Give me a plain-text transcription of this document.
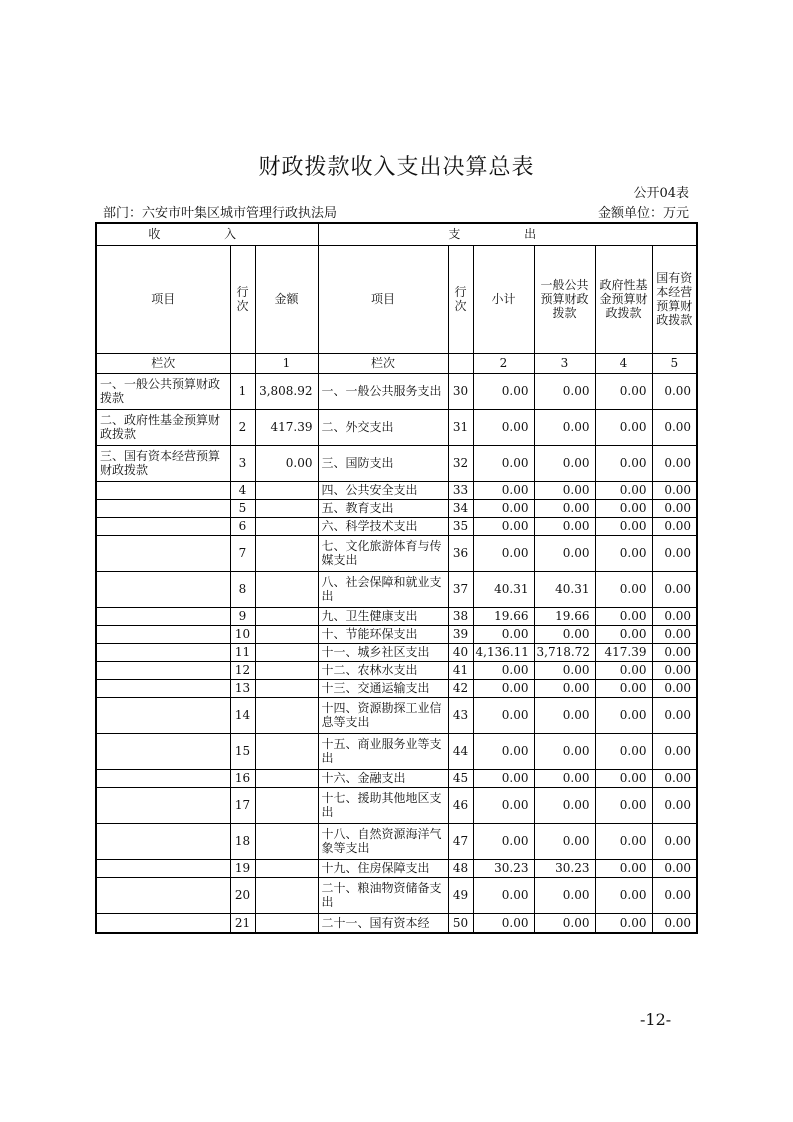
财政拨款收入支出决算总表
公开04表
部门：六安市叶集区城市管理行政执法局	金额单位：万元
收 入			支 出					
项目	行次	金额	项目	行次	小计	一般公共预算财政拨款	政府性基金预算财政拨款	国有资本经营预算财政拨款
栏次		1	栏次		2	3	4	5
一、一般公共预算财政拨款	1	3,808.92	一、一般公共服务支出	30	0.00	0.00	0.00	0.00
二、政府性基金预算财政拨款	2	417.39	二、外交支出	31	0.00	0.00	0.00	0.00
三、国有资本经营预算财政拨款	3	0.00	三、国防支出	32	0.00	0.00	0.00	0.00
	4		四、公共安全支出	33	0.00	0.00	0.00	0.00
	5		五、教育支出	34	0.00	0.00	0.00	0.00
	6		六、科学技术支出	35	0.00	0.00	0.00	0.00
	7		七、文化旅游体育与传媒支出	36	0.00	0.00	0.00	0.00
	8		八、社会保障和就业支出	37	40.31	40.31	0.00	0.00
	9		九、卫生健康支出	38	19.66	19.66	0.00	0.00
	10		十、节能环保支出	39	0.00	0.00	0.00	0.00
	11		十一、城乡社区支出	40	4,136.11	3,718.72	417.39	0.00
	12		十二、农林水支出	41	0.00	0.00	0.00	0.00
	13		十三、交通运输支出	42	0.00	0.00	0.00	0.00
	14		十四、资源勘探工业信息等支出	43	0.00	0.00	0.00	0.00
	15		十五、商业服务业等支出	44	0.00	0.00	0.00	0.00
	16		十六、金融支出	45	0.00	0.00	0.00	0.00
	17		十七、援助其他地区支出	46	0.00	0.00	0.00	0.00
	18		十八、自然资源海洋气象等支出	47	0.00	0.00	0.00	0.00
	19		十九、住房保障支出	48	30.23	30.23	0.00	0.00
	20		二十、粮油物资储备支出	49	0.00	0.00	0.00	0.00
	21		二十一、国有资本经	50	0.00	0.00	0.00	0.00
-12-
